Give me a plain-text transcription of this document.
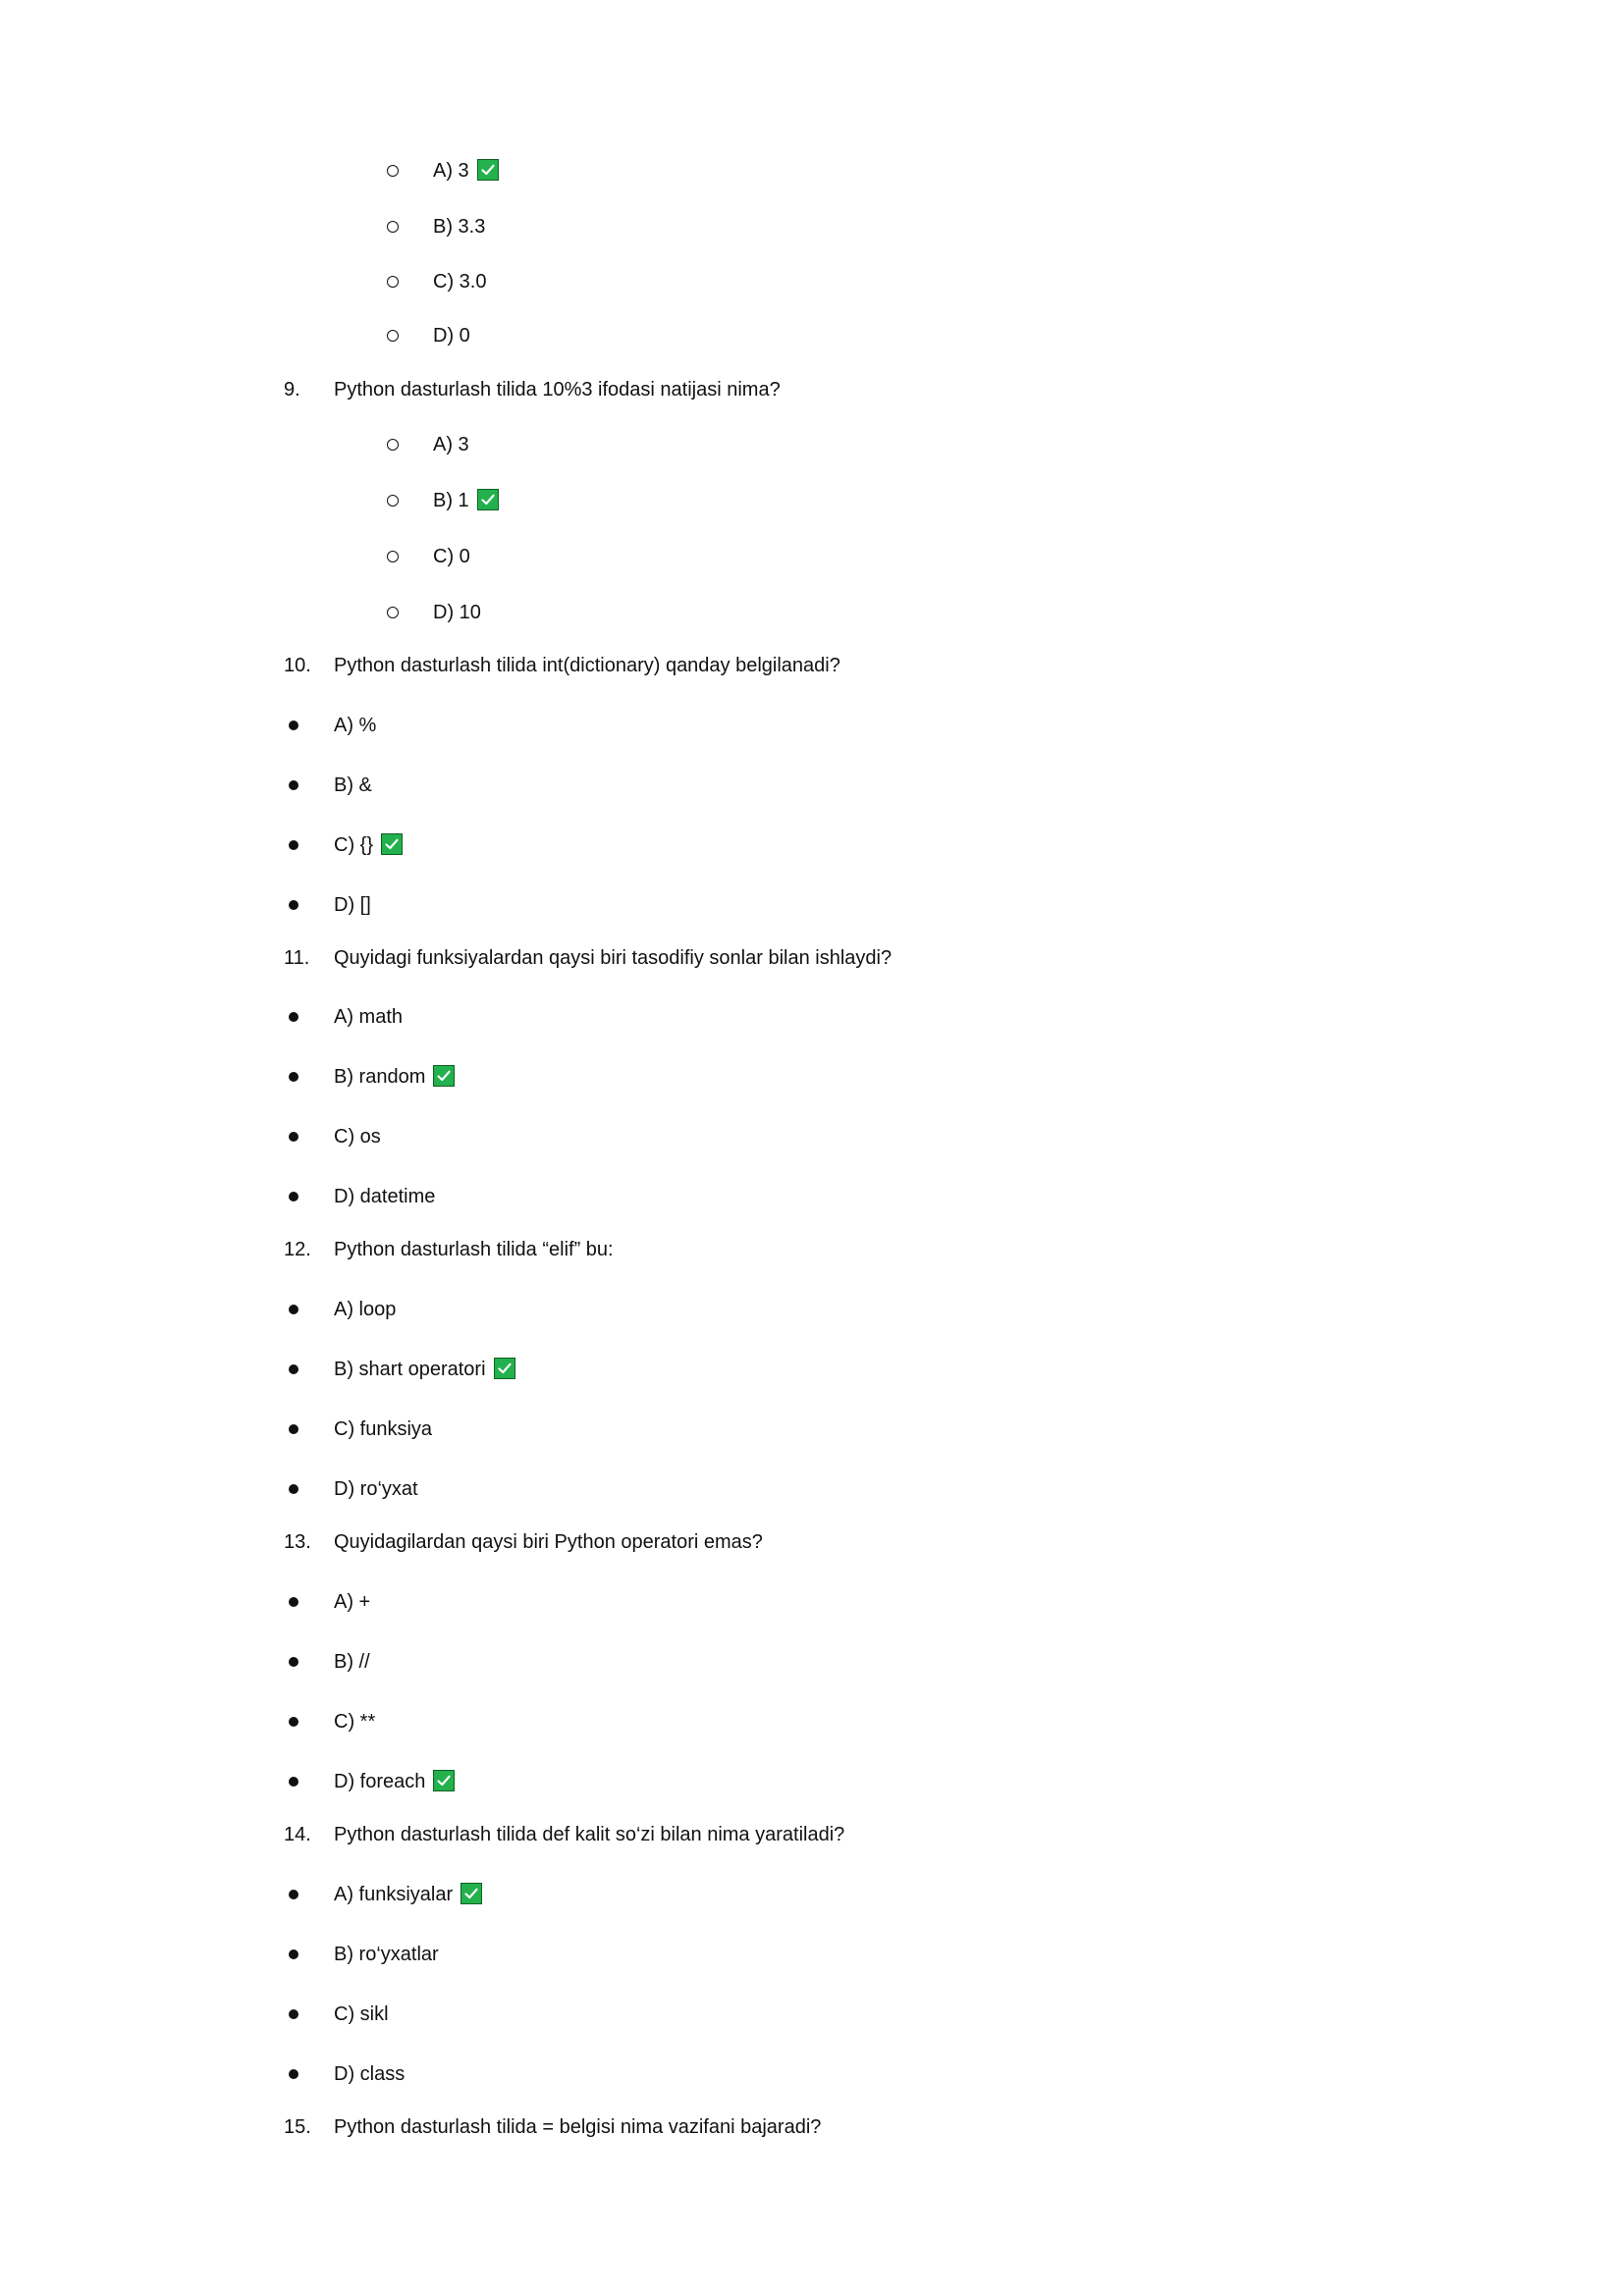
A) 3
B) 3.3
C) 3.0
D) 0
9. Python dasturlash tilida 10%3 ifodasi natijasi nima?
A) 3
B) 1
C) 0
D) 10
10. Python dasturlash tilida int(dictionary) qanday belgilanadi?
A) %
B) &
C) {}
D) []
11. Quyidagi funksiyalardan qaysi biri tasodifiy sonlar bilan ishlaydi?
A) math
B) random
C) os
D) datetime
12. Python dasturlash tilida “elif” bu:
A) loop
B) shart operatori
C) funksiya
D) ro‘yxat
13. Quyidagilardan qaysi biri Python operatori emas?
A) +
B) //
C) **
D) foreach
14. Python dasturlash tilida def kalit so‘zi bilan nima yaratiladi?
A) funksiyalar
B) ro‘yxatlar
C) sikl
D) class
15. Python dasturlash tilida = belgisi nima vazifani bajaradi?
